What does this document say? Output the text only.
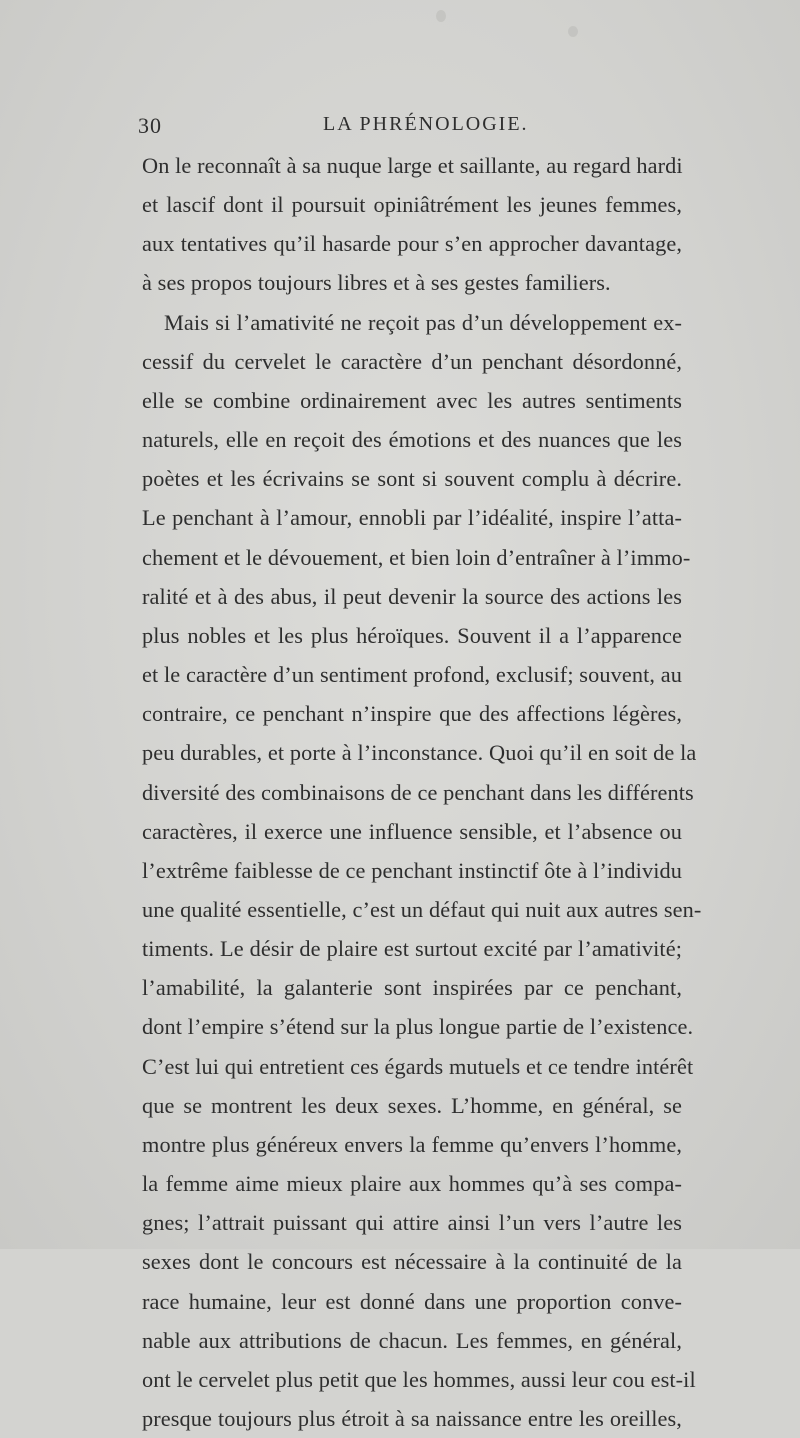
30	LA PHRÉNOLOGIE.
On le reconnaît à sa nuque large et saillante, au regard hardi
et lascif dont il poursuit opiniâtrément les jeunes femmes,
aux tentatives qu’il hasarde pour s’en approcher davantage,
à ses propos toujours libres et à ses gestes familiers.
Mais si l’amativité ne reçoit pas d’un développement ex-
cessif du cervelet le caractère d’un penchant désordonné,
elle se combine ordinairement avec les autres sentiments
naturels, elle en reçoit des émotions et des nuances que les
poètes et les écrivains se sont si souvent complu à décrire.
Le penchant à l’amour, ennobli par l’idéalité, inspire l’atta-
chement et le dévouement, et bien loin d’entraîner à l’immo-
ralité et à des abus, il peut devenir la source des actions les
plus nobles et les plus héroïques. Souvent il a l’apparence
et le caractère d’un sentiment profond, exclusif; souvent, au
contraire, ce penchant n’inspire que des affections légères,
peu durables, et porte à l’inconstance. Quoi qu’il en soit de la
diversité des combinaisons de ce penchant dans les différents
caractères, il exerce une influence sensible, et l’absence ou
l’extrême faiblesse de ce penchant instinctif ôte à l’individu
une qualité essentielle, c’est un défaut qui nuit aux autres sen-
timents. Le désir de plaire est surtout excité par l’amativité;
l’amabilité, la galanterie sont inspirées par ce penchant,
dont l’empire s’étend sur la plus longue partie de l’existence.
C’est lui qui entretient ces égards mutuels et ce tendre intérêt
que se montrent les deux sexes. L’homme, en général, se
montre plus généreux envers la femme qu’envers l’homme,
la femme aime mieux plaire aux hommes qu’à ses compa-
gnes; l’attrait puissant qui attire ainsi l’un vers l’autre les
sexes dont le concours est nécessaire à la continuité de la
race humaine, leur est donné dans une proportion conve-
nable aux attributions de chacun. Les femmes, en général,
ont le cervelet plus petit que les hommes, aussi leur cou est-il
presque toujours plus étroit à sa naissance entre les oreilles,
